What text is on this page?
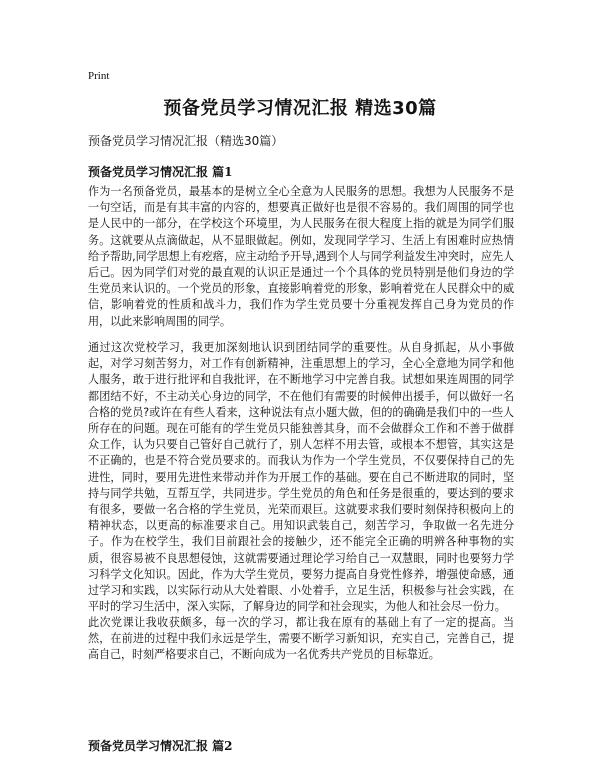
Print
预备党员学习情况汇报 精选30篇
预备党员学习情况汇报（精选30篇）
预备党员学习情况汇报 篇1

作为一名预备党员，最基本的是树立全心全意为人民服务的思想。我想为人民服务不是一句空话，而是有其丰富的内容的，想要真正做好也是很不容易的。我们周围的同学也是人民中的一部分，在学校这个环境里，为人民服务在很大程度上指的就是为同学们服务。这就要从点滴做起，从不显眼做起。例如，发现同学学习、生活上有困难时应热情给予帮助,同学思想上有疙瘩，应主动给予开导,遇到个人与同学利益发生冲突时，应先人后己。因为同学们对党的最直观的认识正是通过一个个具体的党员特别是他们身边的学生党员来认识的。一个党员的形象，直接影响着党的形象，影响着党在人民群众中的威信，影响着党的性质和战斗力，我们作为学生党员要十分重视发挥自己身为党员的作用，以此来影响周围的同学。

通过这次党校学习，我更加深刻地认识到团结同学的重要性。从自身抓起，从小事做起，对学习刻苦努力，对工作有创新精神，注重思想上的学习，全心全意地为同学和他人服务，敢于进行批评和自我批评，在不断地学习中完善自我。试想如果连周围的同学都团结不好，不主动关心身边的同学，不在他们有需要的时候伸出援手，何以做好一名合格的党员?或许在有些人看来，这种说法有点小题大做，但的的确确是我们中的一些人所存在的问题。现在可能有的学生党员只能独善其身，而不会做群众工作和不善于做群众工作，认为只要自己管好自己就行了，别人怎样不用去管，或根本不想管，其实这是不正确的，也是不符合党员要求的。而我认为作为一个学生党员，不仅要保持自己的先进性，同时，要用先进性来带动并作为开展工作的基础。要在自己不断进取的同时，坚持与同学共勉，互帮互学，共同进步。学生党员的角色和任务是很重的，要达到的要求有很多，要做一名合格的学生党员，光荣而艰巨。这就要求我们要时刻保持积极向上的精神状态，以更高的标准要求自己。用知识武装自己，刻苦学习，争取做一名先进分子。作为在校学生，我们目前跟社会的接触少，还不能完全正确的明辨各种事物的实质，很容易被不良思想侵蚀，这就需要通过理论学习给自己一双慧眼，同时也要努力学习科学文化知识。因此，作为大学生党员，要努力提高自身党性修养，增强使命感，通过学习和实践，以实际行动从大处着眼、小处着手，立足生活，积极参与社会实践，在平时的学习生活中，深入实际，了解身边的同学和社会现实，为他人和社会尽一份力。

此次党课让我收获颇多，每一次的学习，都让我在原有的基础上有了一定的提高。当然，在前进的过程中我们永远是学生，需要不断学习新知识，充实自己，完善自己，提高自己，时刻严格要求自己，不断向成为一名优秀共产党员的目标靠近。

预备党员学习情况汇报 篇2
